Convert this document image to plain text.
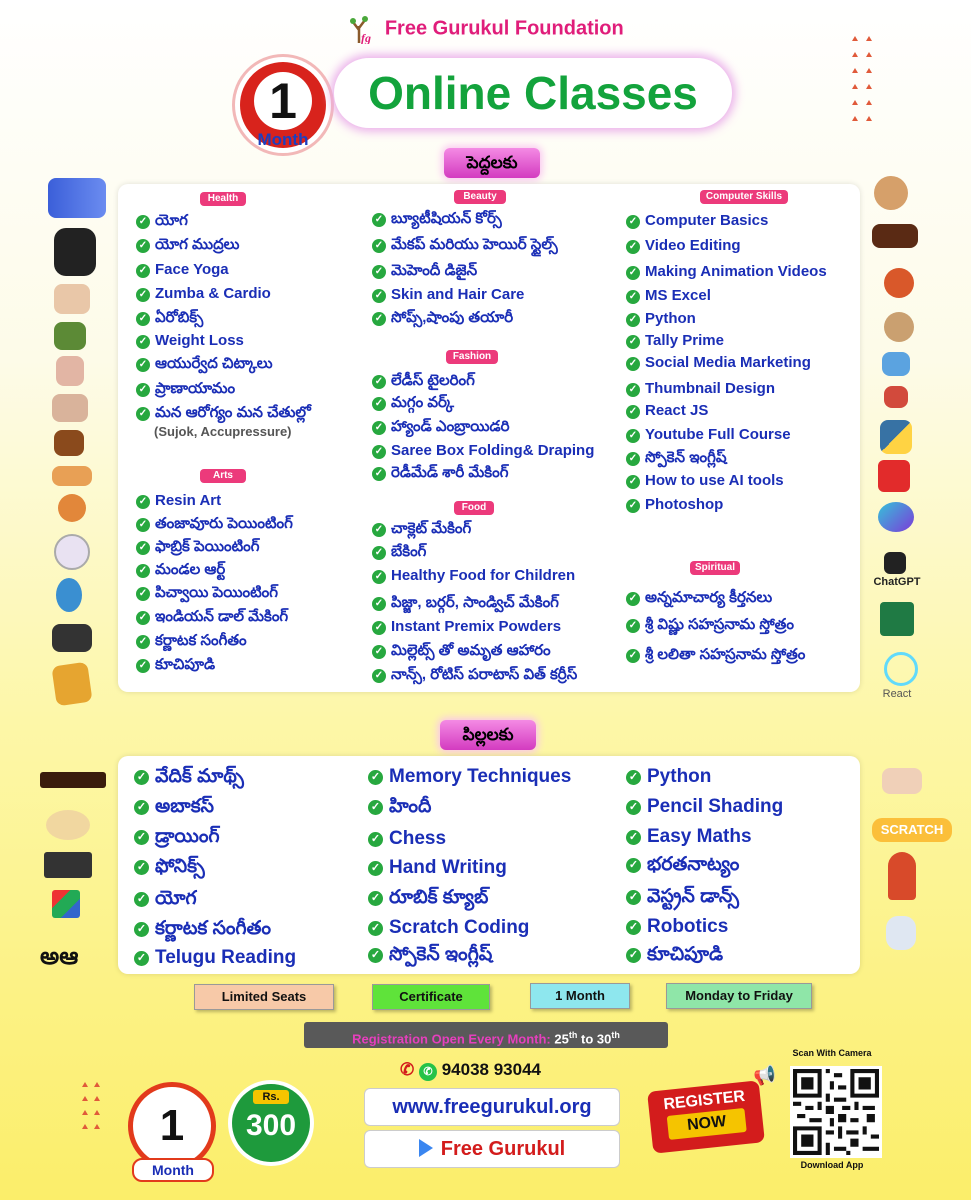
fg Free Gurukul Foundation
1
Month
Online Classes
పెద్దలకు
Health
✓ యోగ
✓ యోగ ముద్రలు
✓ Face Yoga
✓ Zumba & Cardio
✓ ఏరోబిక్స్
✓ Weight Loss
✓ ఆయుర్వేద చిట్కాలు
✓ ప్రాణాయామం
✓ మన ఆరోగ్యం మన చేతుల్లో
(Sujok, Accupressure)
Arts
✓ Resin Art
✓ తంజావూరు పెయింటింగ్
✓ ఫాబ్రిక్ పెయింటింగ్
✓ మండల ఆర్ట్
✓ పిచ్వాయి పెయింటింగ్
✓ ఇండియన్ డాల్ మేకింగ్
✓ కర్ణాటక సంగీతం
✓ కూచిపూడి
Beauty
✓ బ్యూటీషియన్ కోర్స్
✓ మేకప్ మరియు హెయిర్ స్టైల్స్
✓ మెహెందీ డిజైన్
✓ Skin and Hair Care
✓ సోప్స్,షాంపు తయారీ
Fashion
✓ లేడీస్ టైలరింగ్
✓ మగ్గం వర్క్
✓ హ్యాండ్ ఎంబ్రాయిడరి
✓ Saree Box Folding& Draping
✓ రెడీమేడ్ శారీ మేకింగ్
Food
✓ చాక్లెట్ మేకింగ్
✓ బేకింగ్
✓ Healthy Food for Children
✓ పిజ్జా, బర్గర్, సాండ్విచ్ మేకింగ్
✓ Instant Premix Powders
✓ మిల్లెట్స్ తో అమృత ఆహారం
✓ నాన్స్, రోటిస్ పరాటాస్ విత్ కర్రీస్
Computer Skills
✓ Computer Basics
✓ Video Editing
✓ Making Animation Videos
✓ MS Excel
✓ Python
✓ Tally Prime
✓ Social Media Marketing
✓ Thumbnail Design
✓ React JS
✓ Youtube Full Course
✓ స్పోకెన్ ఇంగ్లీష్
✓ How to use AI tools
✓ Photoshop
Spiritual
✓ అన్నమాచార్య కీర్తనలు
✓ శ్రీ విష్ణు సహస్రనామ స్తోత్రం
✓ శ్రీ లలితా సహస్రనామ స్తోత్రం
ChatGPT
React
పిల్లలకు
✓ వేదిక్ మాథ్స్
✓ అబాకస్
✓ డ్రాయింగ్
✓ ఫోనిక్స్
✓ యోగ
✓ కర్ణాటక సంగీతం
✓ Telugu Reading
✓ Memory Techniques
✓ హిందీ
✓ Chess
✓ Hand Writing
✓ రూబిక్ క్యూబ్
✓ Scratch Coding
✓ స్పోకెన్ ఇంగ్లీష్
✓ Python
✓ Pencil Shading
✓ Easy Maths
✓ భరతనాట్యం
✓ వెస్ట్రన్ డాన్స్
✓ Robotics
✓ కూచిపూడి
అఆ
SCRATCH
Limited Seats	Certificate	1 Month	Monday to Friday
Registration Open Every Month: 25th to 30th
✆ ✆ 94038 93044
www.freegurukul.org
Free Gurukul
1
Month
Rs.
300
📢
REGISTER
NOW
Scan With Camera
Download App
